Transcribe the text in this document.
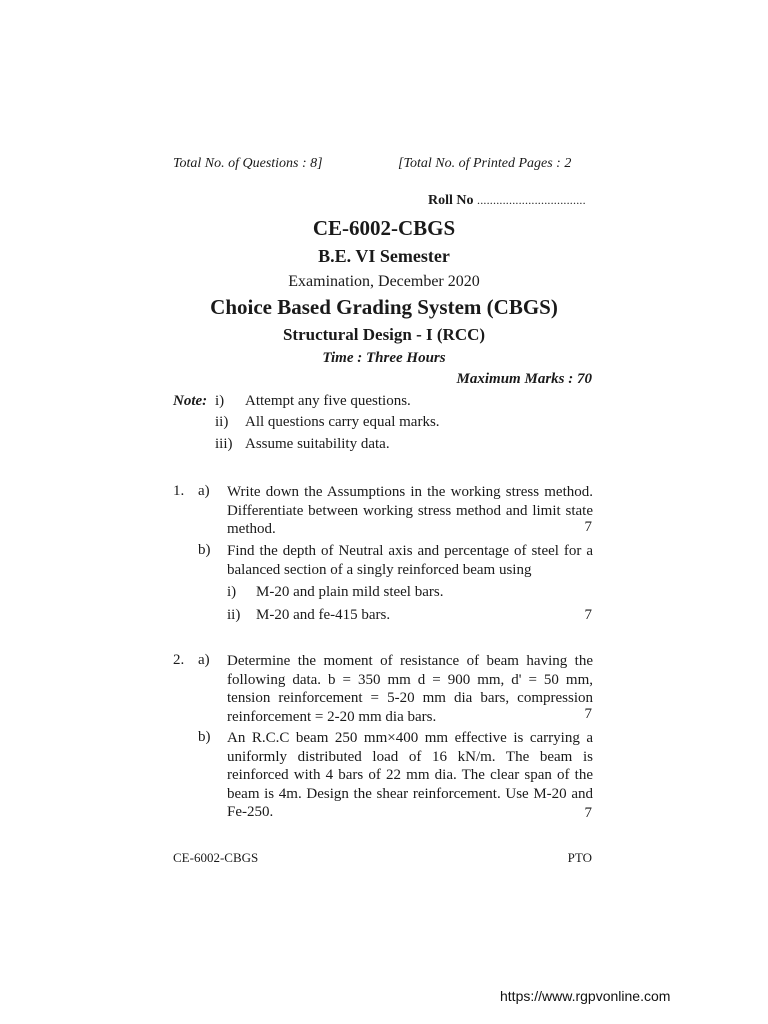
Total No. of Questions : 8]	[Total No. of Printed Pages : 2
Roll No ..................................
CE-6002-CBGS
B.E. VI Semester
Examination, December 2020
Choice Based Grading System (CBGS)
Structural Design - I (RCC)
Time : Three Hours
Maximum Marks : 70
Note: i) Attempt any five questions.
ii) All questions carry equal marks.
iii) Assume suitability data.
1. a) Write down the Assumptions in the working stress method. Differentiate between working stress method and limit state method.	7
b) Find the depth of Neutral axis and percentage of steel for a balanced section of a singly reinforced beam using
i) M-20 and plain mild steel bars.
ii) M-20 and fe-415 bars.	7
2. a) Determine the moment of resistance of beam having the following data. b = 350 mm d = 900 mm, d' = 50 mm, tension reinforcement = 5-20 mm dia bars, compression reinforcement = 2-20 mm dia bars.	7
b) An R.C.C beam 250 mm×400 mm effective is carrying a uniformly distributed load of 16 kN/m. The beam is reinforced with 4 bars of 22 mm dia. The clear span of the beam is 4m. Design the shear reinforcement. Use M-20 and Fe-250.	7
CE-6002-CBGS	PTO
https://www.rgpvonline.com
